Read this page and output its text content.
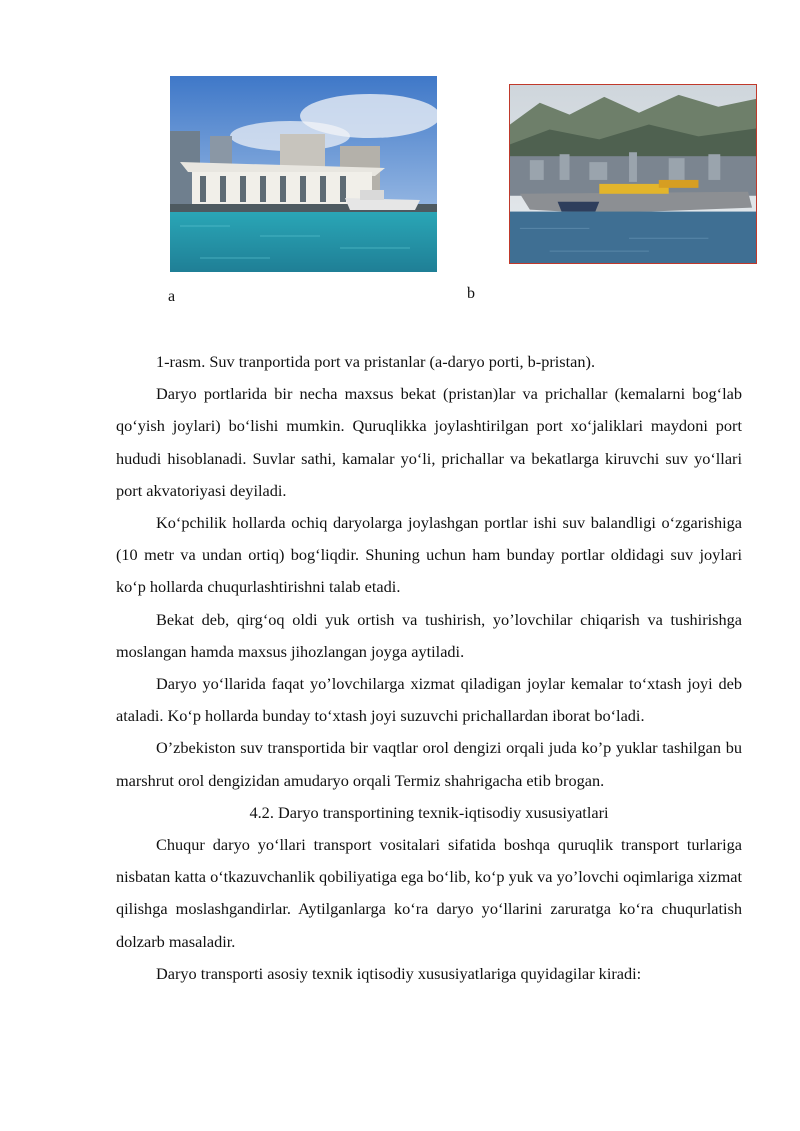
a	b

1-rasm. Suv tranportida port va pristanlar (a-daryo porti, b-pristan).

Daryo portlarida bir necha maxsus bekat (pristan)lar va prichallar (kemalarni bog‘lab qo‘yish joylari) bo‘lishi mumkin. Quruqlikka joylashtirilgan port xo‘jaliklari maydoni port hududi hisoblanadi. Suvlar sathi, kamalar yo‘li, prichallar va bekatlarga kiruvchi suv yo‘llari port akvatoriyasi deyiladi.

Ko‘pchilik hollarda ochiq daryolarga joylashgan portlar ishi suv balandligi o‘zgarishiga (10 metr va undan ortiq) bog‘liqdir. Shuning uchun ham bunday portlar oldidagi suv joylari ko‘p hollarda chuqurlashtirishni talab etadi.

Bekat deb, qirg‘oq oldi yuk ortish va tushirish, yo’lovchilar chiqarish va tushirishga moslangan hamda maxsus jihozlangan joyga aytiladi.

Daryo yo‘llarida faqat yo’lovchilarga xizmat qiladigan joylar kemalar to‘xtash joyi deb ataladi. Ko‘p hollarda bunday to‘xtash joyi suzuvchi prichallardan iborat bo‘ladi.

O’zbekiston suv transportida bir vaqtlar orol dengizi orqali juda ko’p yuklar tashilgan bu marshrut orol dengizidan amudaryo orqali Termiz shahrigacha etib brogan.

4.2. Daryo transportining texnik-iqtisodiy xususiyatlari

Chuqur daryo yo‘llari transport vositalari sifatida boshqa quruqlik transport turlariga nisbatan katta o‘tkazuvchanlik qobiliyatiga ega bo‘lib, ko‘p yuk va yo’lovchi oqimlariga xizmat qilishga moslashgandirlar. Aytilganlarga ko‘ra daryo yo‘llarini zaruratga ko‘ra chuqurlatish dolzarb masaladir.

Daryo transporti asosiy texnik iqtisodiy xususiyatlariga quyidagilar kiradi:
